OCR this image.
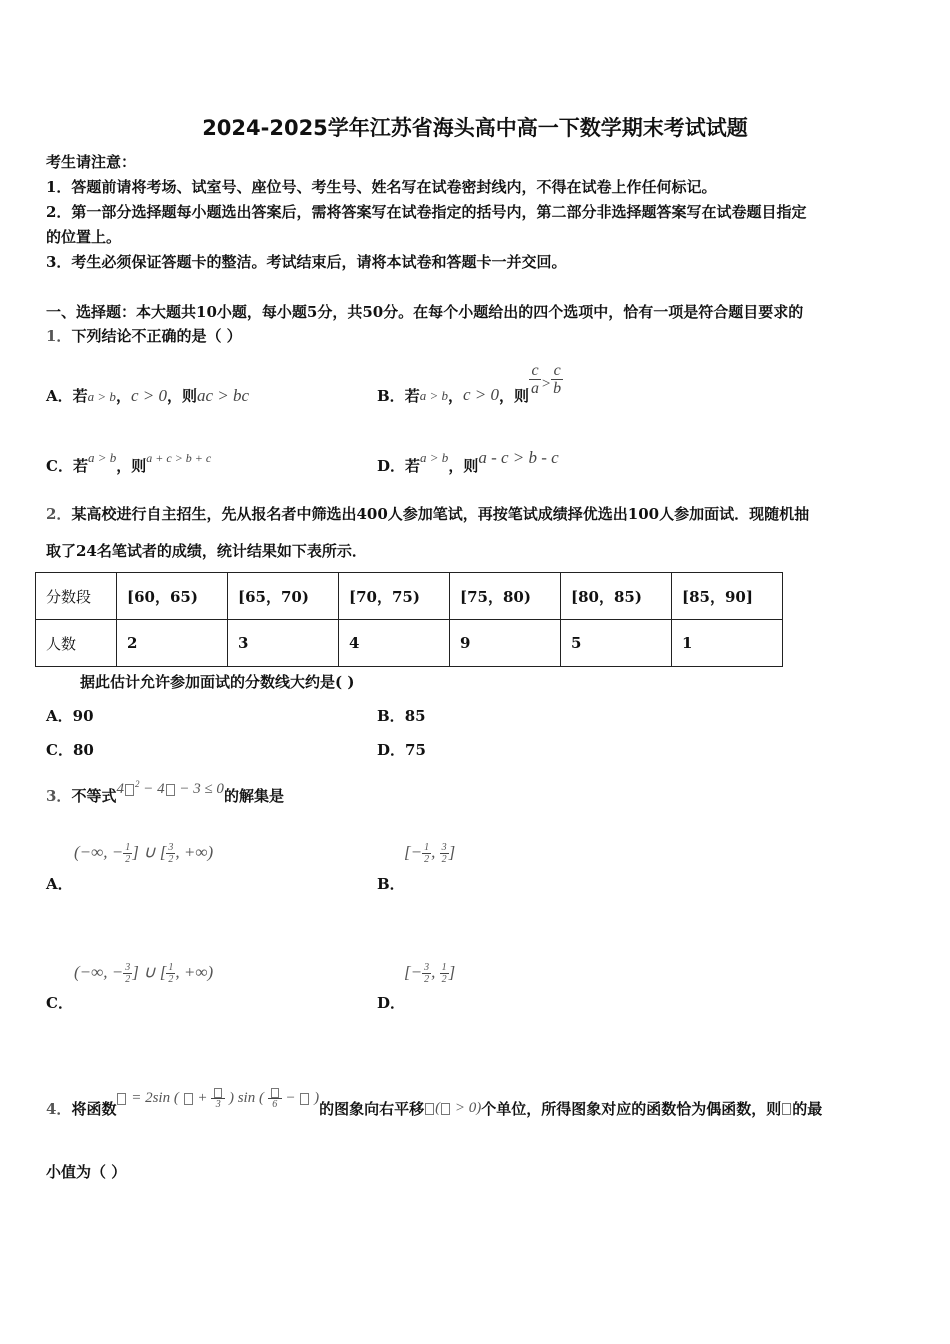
2024-2025学年江苏省海头高中高一下数学期末考试试题
考生请注意：
1．答题前请将考场、试室号、座位号、考生号、姓名写在试卷密封线内，不得在试卷上作任何标记。
2．第一部分选择题每小题选出答案后，需将答案写在试卷指定的括号内，第二部分非选择题答案写在试卷题目指定
的位置上。
3．考生必须保证答题卡的整洁。考试结束后，请将本试卷和答题卡一并交回。
一、选择题：本大题共10小题，每小题5分，共50分。在每个小题给出的四个选项中，恰有一项是符合题目要求的
1．下列结论不正确的是（ ）
A．若a > b，c > 0，则ac > bc	B．若a > b，c > 0，则 $\frac{c}{a} > \frac{c}{b}$
C．若a > b，则a + c > b + c	D．若a > b，则a - c > b - c
2．某高校进行自主招生，先从报名者中筛选出400人参加笔试，再按笔试成绩择优选出100人参加面试．现随机抽
取了24名笔试者的成绩，统计结果如下表所示．
分数段	[60，65)	[65，70)	[70，75)	[75，80)	[80，85)	[85，90]
人数	2	3	4	9	5	1
据此估计允许参加面试的分数线大约是( )
A．90	B．85
C．80	D．75
3．不等式4 $^2$ − 4 − 3 ≤ 0的解集是
(−∞, − $\frac{1}{2}$ ] ∪ [ $\frac{3}{2}$ , +∞)
A．
[− $\frac{1}{2}$ , $\frac{3}{2}$ ]
B．
(−∞, − $\frac{3}{2}$ ] ∪ [ $\frac{1}{2}$ , +∞)
C．
[− $\frac{3}{2}$ , $\frac{1}{2}$ ]
D．
4．将函数 = 2sin (  + 3 ) sin ( 6 −  )的图象向右平移 ( > 0)个单位，所得图象对应的函数恰为偶函数，则 的最
小值为（ ）
